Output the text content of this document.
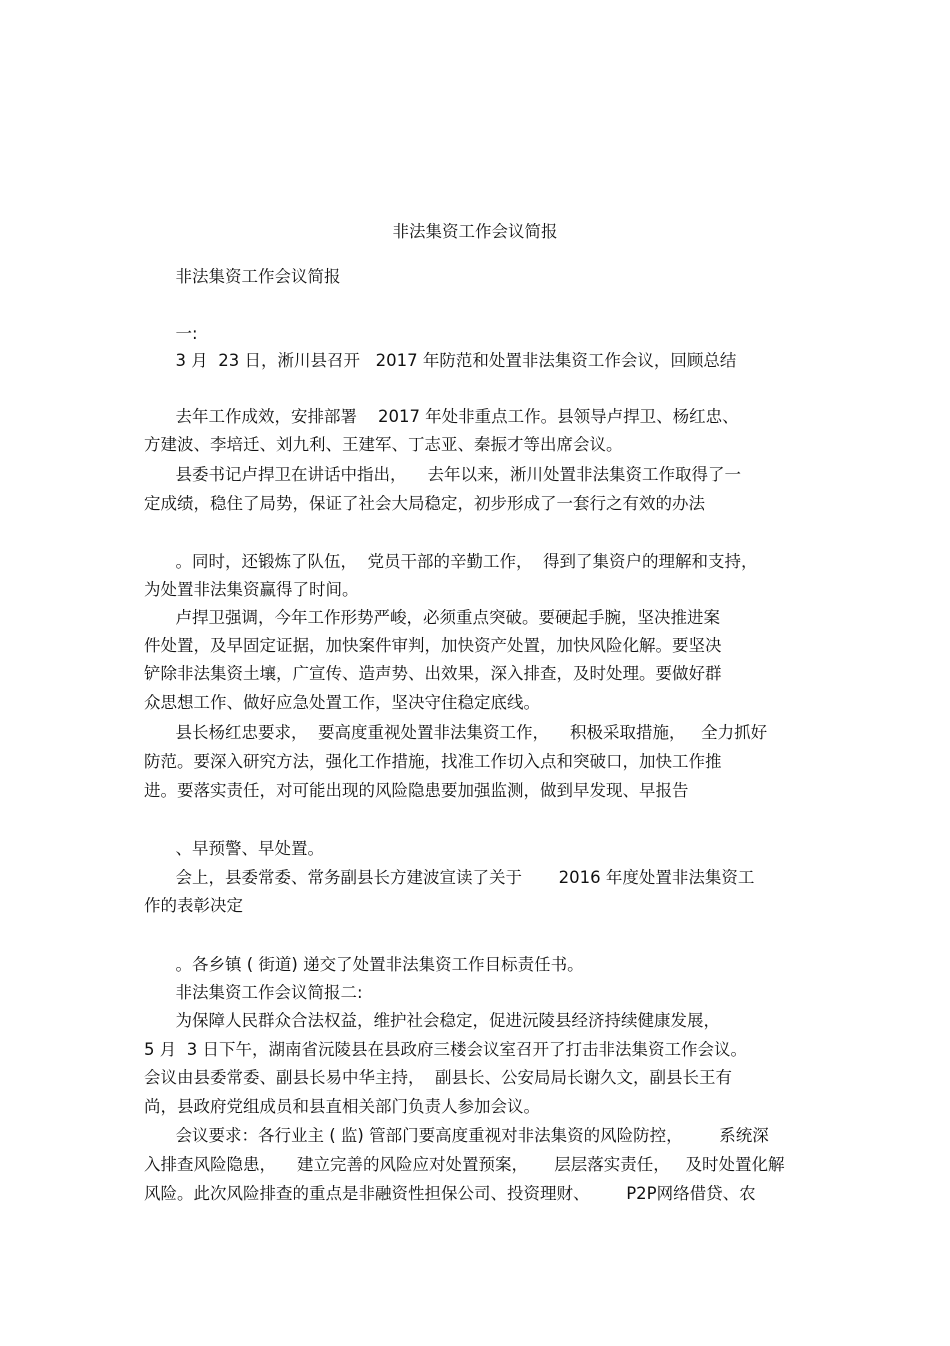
非法集资工作会议简报
非法集资工作会议简报
一:
3 月  23 日，淅川县召开   2017 年防范和处置非法集资工作会议，回顾总结
去年工作成效，安排部署    2017 年处非重点工作。县领导卢捍卫、杨红忠、
方建波、李培迁、刘九利、王建军、丁志亚、秦振才等出席会议。
县委书记卢捍卫在讲话中指出，    去年以来，淅川处置非法集资工作取得了一
定成绩，稳住了局势，保证了社会大局稳定，初步形成了一套行之有效的办法
。同时，还锻炼了队伍，  党员干部的辛勤工作，  得到了集资户的理解和支持，
为处置非法集资赢得了时间。
卢捍卫强调，今年工作形势严峻，必须重点突破。要硬起手腕，坚决推进案
件处置，及早固定证据，加快案件审判，加快资产处置，加快风险化解。要坚决
铲除非法集资土壤，广宣传、造声势、出效果，深入排查，及时处理。要做好群
众思想工作、做好应急处置工作，坚决守住稳定底线。
县长杨红忠要求，  要高度重视处置非法集资工作，    积极采取措施，   全力抓好
防范。要深入研究方法，强化工作措施，找准工作切入点和突破口，加快工作推
进。要落实责任，对可能出现的风险隐患要加强监测，做到早发现、早报告
、早预警、早处置。
会上，县委常委、常务副县长方建波宣读了关于       2016 年度处置非法集资工
作的表彰决定
。各乡镇 ( 街道) 递交了处置非法集资工作目标责任书。
非法集资工作会议简报二:
为保障人民群众合法权益，维护社会稳定，促进沅陵县经济持续健康发展，
5 月  3 日下午，湖南省沅陵县在县政府三楼会议室召开了打击非法集资工作会议。
会议由县委常委、副县长易中华主持，  副县长、公安局局长谢久文，副县长王有
尚，县政府党组成员和县直相关部门负责人参加会议。
会议要求：各行业主 ( 监) 管部门要高度重视对非法集资的风险防控，       系统深
入排查风险隐患，    建立完善的风险应对处置预案，     层层落实责任，   及时处置化解
风险。此次风险排查的重点是非融资性担保公司、投资理财、       P2P网络借贷、农
